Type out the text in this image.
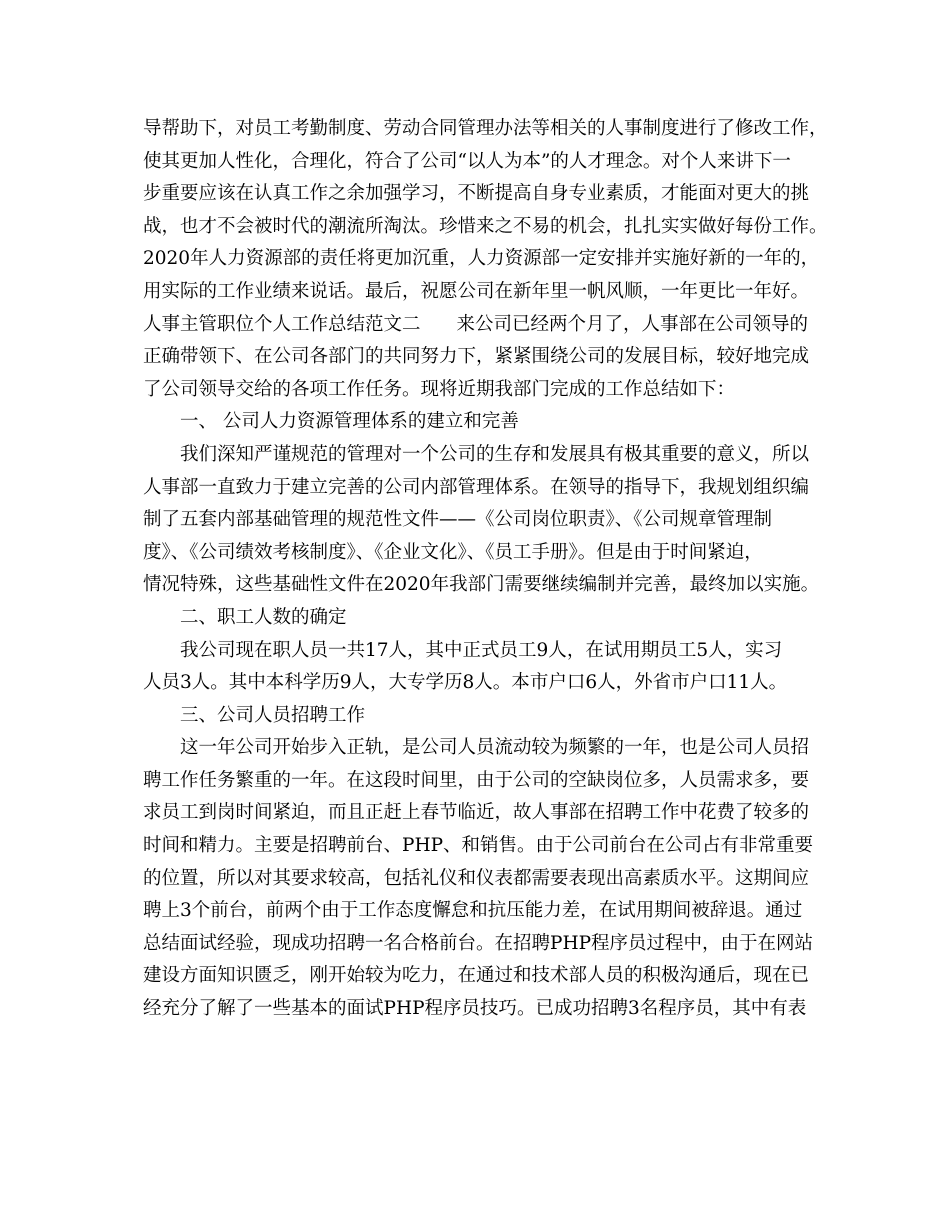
导帮助下，对员工考勤制度、劳动合同管理办法等相关的人事制度进行了修改工作，
使其更加人性化，合理化，符合了公司“以人为本”的人才理念。对个人来讲下一
步重要应该在认真工作之余加强学习，不断提高自身专业素质，才能面对更大的挑
战，也才不会被时代的潮流所淘汰。珍惜来之不易的机会，扎扎实实做好每份工作。
2020年人力资源部的责任将更加沉重，人力资源部一定安排并实施好新的一年的，
用实际的工作业绩来说话。最后，祝愿公司在新年里一帆风顺，一年更比一年好。
人事主管职位个人工作总结范文二 来公司已经两个月了，人事部在公司领导的
正确带领下、在公司各部门的共同努力下，紧紧围绕公司的发展目标，较好地完成
了公司领导交给的各项工作任务。现将近期我部门完成的工作总结如下：
一、 公司人力资源管理体系的建立和完善
我们深知严谨规范的管理对一个公司的生存和发展具有极其重要的意义，所以
人事部一直致力于建立完善的公司内部管理体系。在领导的指导下，我规划组织编
制了五套内部基础管理的规范性文件——《公司岗位职责》、《公司规章管理制
度》、《公司绩效考核制度》、《企业文化》、《员工手册》。但是由于时间紧迫，
情况特殊，这些基础性文件在2020年我部门需要继续编制并完善，最终加以实施。
二、职工人数的确定
我公司现在职人员一共17人，其中正式员工9人，在试用期员工5人，实习
人员3人。其中本科学历9人，大专学历8人。本市户口6人，外省市户口11人。
三、公司人员招聘工作
这一年公司开始步入正轨，是公司人员流动较为频繁的一年，也是公司人员招
聘工作任务繁重的一年。在这段时间里，由于公司的空缺岗位多，人员需求多，要
求员工到岗时间紧迫，而且正赶上春节临近，故人事部在招聘工作中花费了较多的
时间和精力。主要是招聘前台、PHP、和销售。由于公司前台在公司占有非常重要
的位置，所以对其要求较高，包括礼仪和仪表都需要表现出高素质水平。这期间应
聘上3个前台，前两个由于工作态度懈怠和抗压能力差，在试用期间被辞退。通过
总结面试经验，现成功招聘一名合格前台。在招聘PHP程序员过程中，由于在网站
建设方面知识匮乏，刚开始较为吃力，在通过和技术部人员的积极沟通后，现在已
经充分了解了一些基本的面试PHP程序员技巧。已成功招聘3名程序员，其中有表
